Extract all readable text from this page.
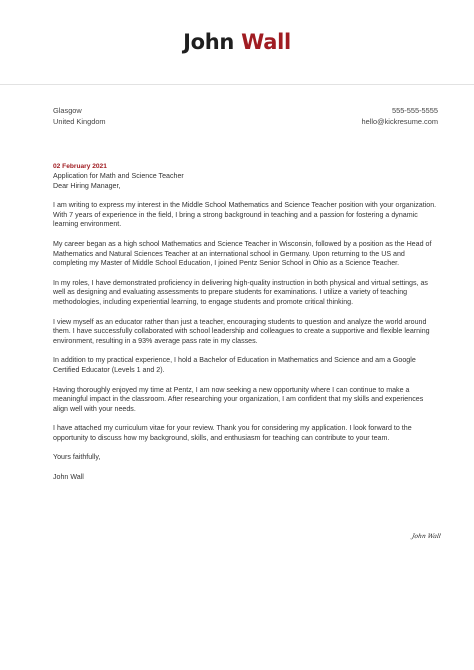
John Wall
Glasgow
United Kingdom
555-555-5555
hello@kickresume.com
02 February 2021
Application for Math and Science Teacher

Dear Hiring Manager,

I am writing to express my interest in the Middle School Mathematics and Science Teacher position with your organization. With 7 years of experience in the field, I bring a strong background in teaching and a passion for fostering a dynamic learning environment.

My career began as a high school Mathematics and Science Teacher in Wisconsin, followed by a position as the Head of Mathematics and Natural Sciences Teacher at an international school in Germany. Upon returning to the US and completing my Master of Middle School Education, I joined Pentz Senior School in Ohio as a Science Teacher.

In my roles, I have demonstrated proficiency in delivering high-quality instruction in both physical and virtual settings, as well as designing and evaluating assessments to prepare students for examinations. I utilize a variety of teaching methodologies, including experiential learning, to engage students and promote critical thinking.

I view myself as an educator rather than just a teacher, encouraging students to question and analyze the world around them. I have successfully collaborated with school leadership and colleagues to create a supportive and flexible learning environment, resulting in a 93% average pass rate in my classes.

In addition to my practical experience, I hold a Bachelor of Education in Mathematics and Science and am a Google Certified Educator (Levels 1 and 2).

Having thoroughly enjoyed my time at Pentz, I am now seeking a new opportunity where I can continue to make a meaningful impact in the classroom. After researching your organization, I am confident that my skills and experiences align well with your needs.

I have attached my curriculum vitae for your review. Thank you for considering my application. I look forward to the opportunity to discuss how my background, skills, and enthusiasm for teaching can contribute to your team.

Yours faithfully,

John Wall

John Wall
